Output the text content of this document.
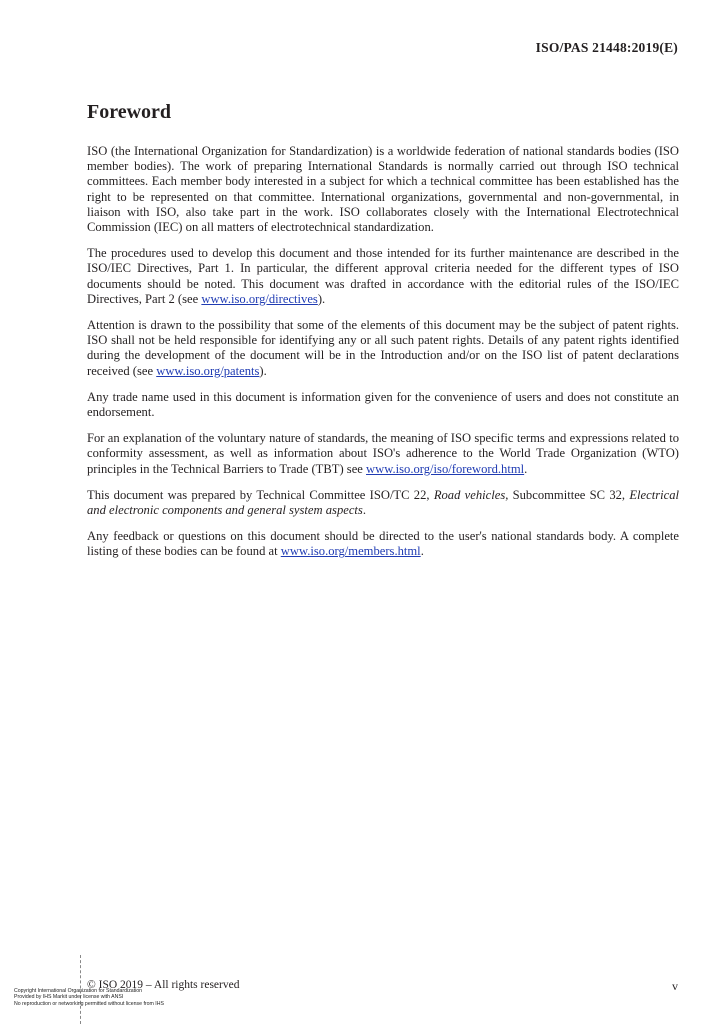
ISO/PAS 21448:2019(E)
Foreword

ISO (the International Organization for Standardization) is a worldwide federation of national standards bodies (ISO member bodies). The work of preparing International Standards is normally carried out through ISO technical committees. Each member body interested in a subject for which a technical committee has been established has the right to be represented on that committee. International organizations, governmental and non-governmental, in liaison with ISO, also take part in the work. ISO collaborates closely with the International Electrotechnical Commission (IEC) on all matters of electrotechnical standardization.

The procedures used to develop this document and those intended for its further maintenance are described in the ISO/IEC Directives, Part 1. In particular, the different approval criteria needed for the different types of ISO documents should be noted. This document was drafted in accordance with the editorial rules of the ISO/IEC Directives, Part 2 (see www.iso.org/directives).

Attention is drawn to the possibility that some of the elements of this document may be the subject of patent rights. ISO shall not be held responsible for identifying any or all such patent rights. Details of any patent rights identified during the development of the document will be in the Introduction and/or on the ISO list of patent declarations received (see www.iso.org/patents).

Any trade name used in this document is information given for the convenience of users and does not constitute an endorsement.

For an explanation of the voluntary nature of standards, the meaning of ISO specific terms and expressions related to conformity assessment, as well as information about ISO's adherence to the World Trade Organization (WTO) principles in the Technical Barriers to Trade (TBT) see www.iso.org/iso/foreword.html.

This document was prepared by Technical Committee ISO/TC 22, Road vehicles, Subcommittee SC 32, Electrical and electronic components and general system aspects.

Any feedback or questions on this document should be directed to the user's national standards body. A complete listing of these bodies can be found at www.iso.org/members.html.

© ISO 2019 – All rights reserved	v
Copyright International Organization for Standardization
Provided by IHS Markit under license with ANSI
No reproduction or networking permitted without license from IHS
